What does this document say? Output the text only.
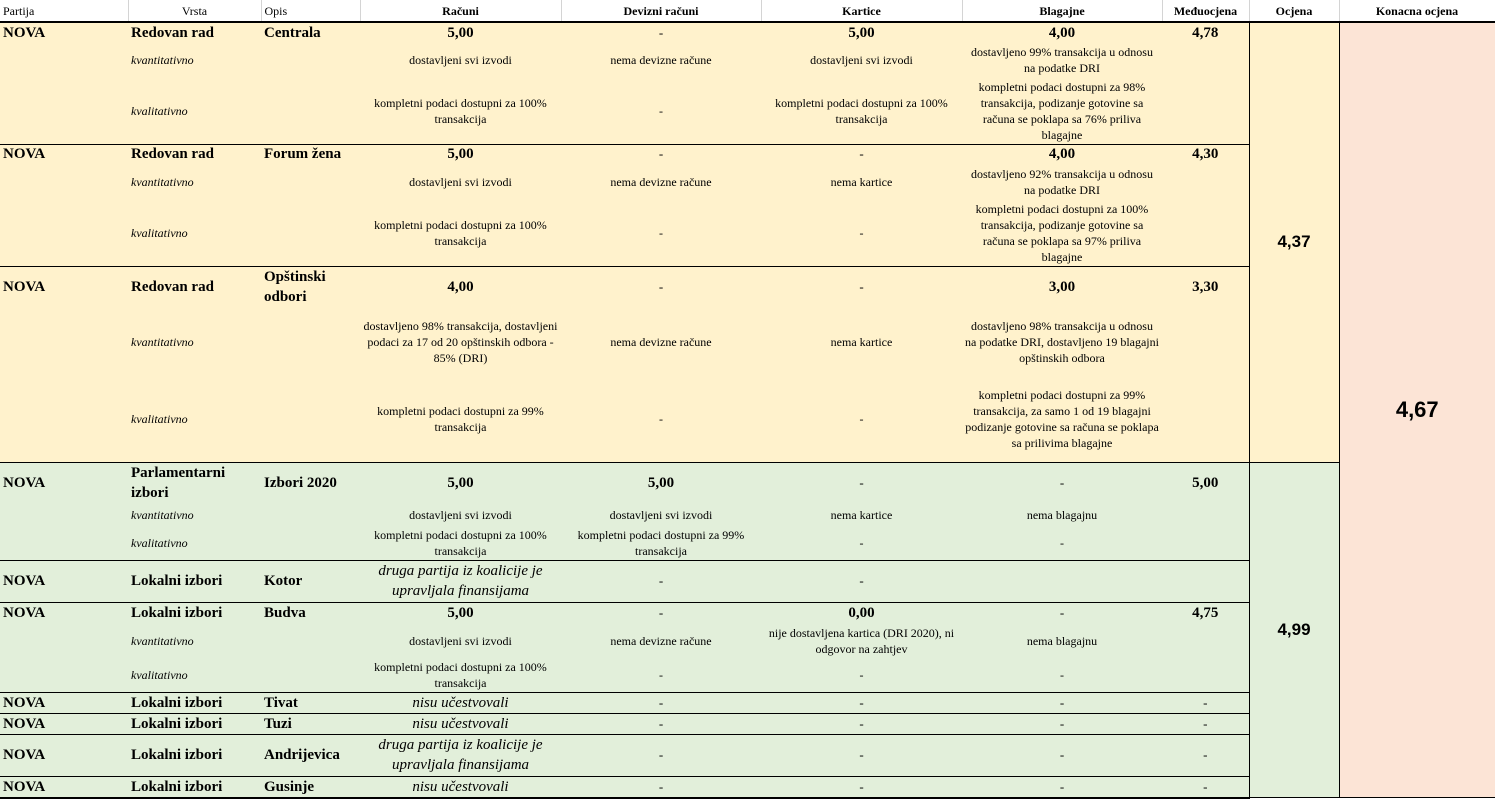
Partija	Vrsta	Opis	Računi	Devizni računi	Kartice	Blagajne	Međuocjena	Ocjena	Konacna ocjena
NOVA	Redovan rad	Centrala	5,00	-	5,00	4,00	4,78	4,37	4,67
	kvantitativno		dostavljeni svi izvodi	nema devizne račune	dostavljeni svi izvodi	dostavljeno 99% transakcija u odnosu na podatke DRI			
	kvalitativno		kompletni podaci dostupni za 100% transakcija	-	kompletni podaci dostupni za 100% transakcija	kompletni podaci dostupni za 98% transakcija, podizanje gotovine sa računa se poklapa sa 76% priliva blagajne			
NOVA	Redovan rad	Forum žena	5,00	-	-	4,00	4,30		
	kvantitativno		dostavljeni svi izvodi	nema devizne račune	nema kartice	dostavljeno 92% transakcija u odnosu na podatke DRI			
	kvalitativno		kompletni podaci dostupni za 100% transakcija	-	-	kompletni podaci dostupni za 100% transakcija, podizanje gotovine sa računa se poklapa sa 97% priliva blagajne			
NOVA	Redovan rad	Opštinski odbori	4,00	-	-	3,00	3,30		
	kvantitativno		dostavljeno 98% transakcija, dostavljeni podaci za 17 od 20 opštinskih odbora - 85% (DRI)	nema devizne račune	nema kartice	dostavljeno 98% transakcija u odnosu na podatke DRI, dostavljeno 19 blagajni opštinskih odbora			
	kvalitativno		kompletni podaci dostupni za 99% transakcija	-	-	kompletni podaci dostupni za 99% transakcija, za samo 1 od 19 blagajni podizanje gotovine sa računa se poklapa sa prilivima blagajne			
NOVA	Parlamentarni izbori	Izbori 2020	5,00	5,00	-	-	5,00	4,99	
	kvantitativno		dostavljeni svi izvodi	dostavljeni svi izvodi	nema kartice	nema blagajnu			
	kvalitativno		kompletni podaci dostupni za 100% transakcija	kompletni podaci dostupni za 99% transakcija	-	-			
NOVA	Lokalni izbori	Kotor	druga partija iz koalicije je upravljala finansijama	-	-				
NOVA	Lokalni izbori	Budva	5,00	-	0,00	-	4,75		
	kvantitativno		dostavljeni svi izvodi	nema devizne račune	nije dostavljena kartica (DRI 2020), ni odgovor na zahtjev	nema blagajnu			
	kvalitativno		kompletni podaci dostupni za 100% transakcija	-	-	-			
NOVA	Lokalni izbori	Tivat	nisu učestvovali	-	-	-	-		
NOVA	Lokalni izbori	Tuzi	nisu učestvovali	-	-	-	-		
NOVA	Lokalni izbori	Andrijevica	druga partija iz koalicije je upravljala finansijama	-	-	-	-		
NOVA	Lokalni izbori	Gusinje	nisu učestvovali	-	-	-	-		
